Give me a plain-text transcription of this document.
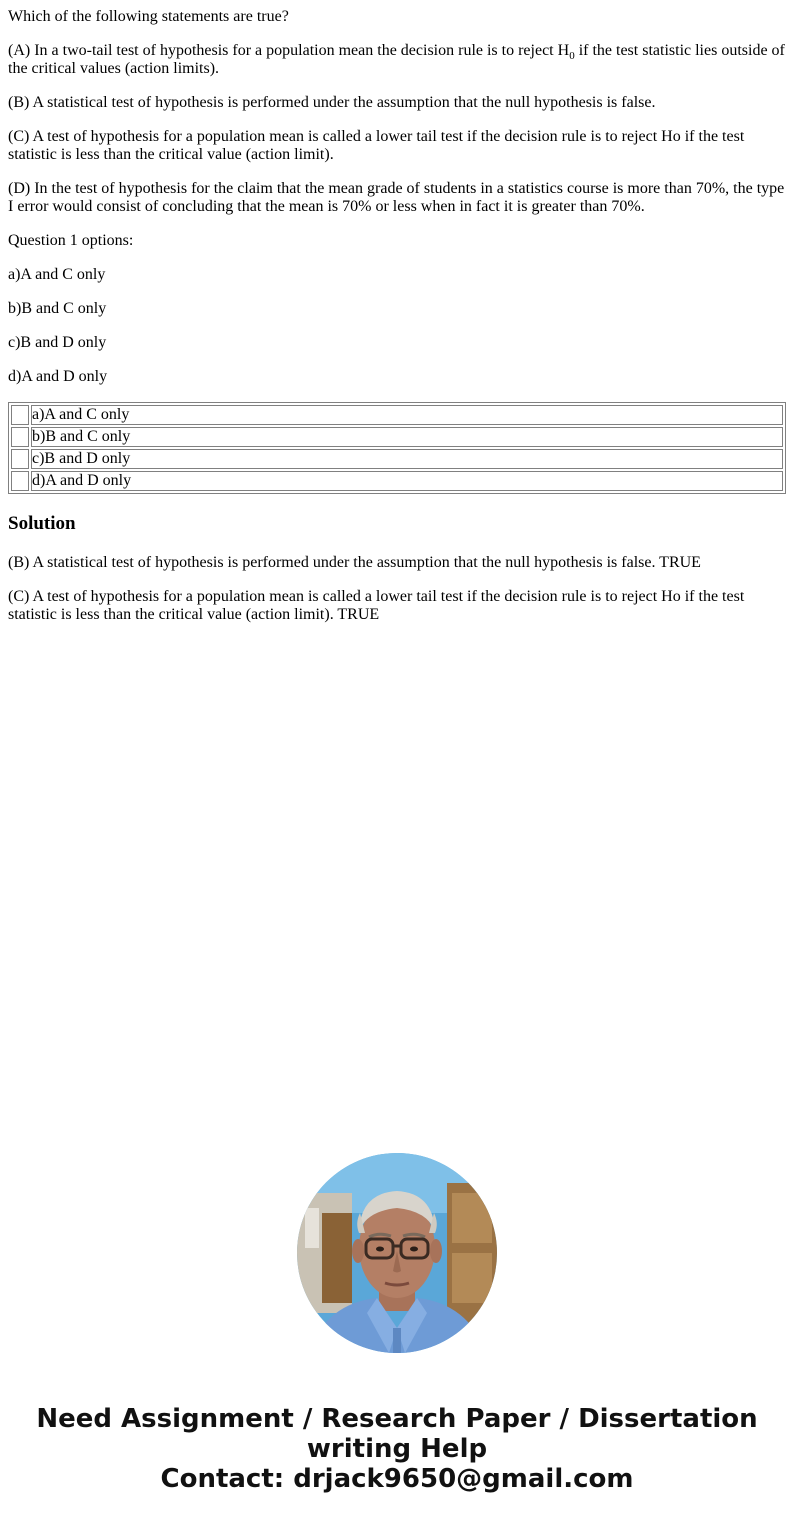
Which of the following statements are true?

(A) In a two-tail test of hypothesis for a population mean the decision rule is to reject $H_0$ if the test statistic lies outside of the critical values (action limits).

(B) A statistical test of hypothesis is performed under the assumption that the null hypothesis is false.

(C) A test of hypothesis for a population mean is called a lower tail test if the decision rule is to reject Ho if the test statistic is less than the critical value (action limit).

(D) In the test of hypothesis for the claim that the mean grade of students in a statistics course is more than 70%, the type I error would consist of concluding that the mean is 70% or less when in fact it is greater than 70%.

Question 1 options:

a)A and C only

b)B and C only

c)B and D only

d)A and D only

	a)A and C only
	b)B and C only
	c)B and D only
	d)A and D only
Solution

(B) A statistical test of hypothesis is performed under the assumption that the null hypothesis is false. TRUE

(C) A test of hypothesis for a population mean is called a lower tail test if the decision rule is to reject Ho if the test statistic is less than the critical value (action limit). TRUE

Need Assignment / Research Paper / Dissertation
writing Help
Contact: drjack9650@gmail.com
